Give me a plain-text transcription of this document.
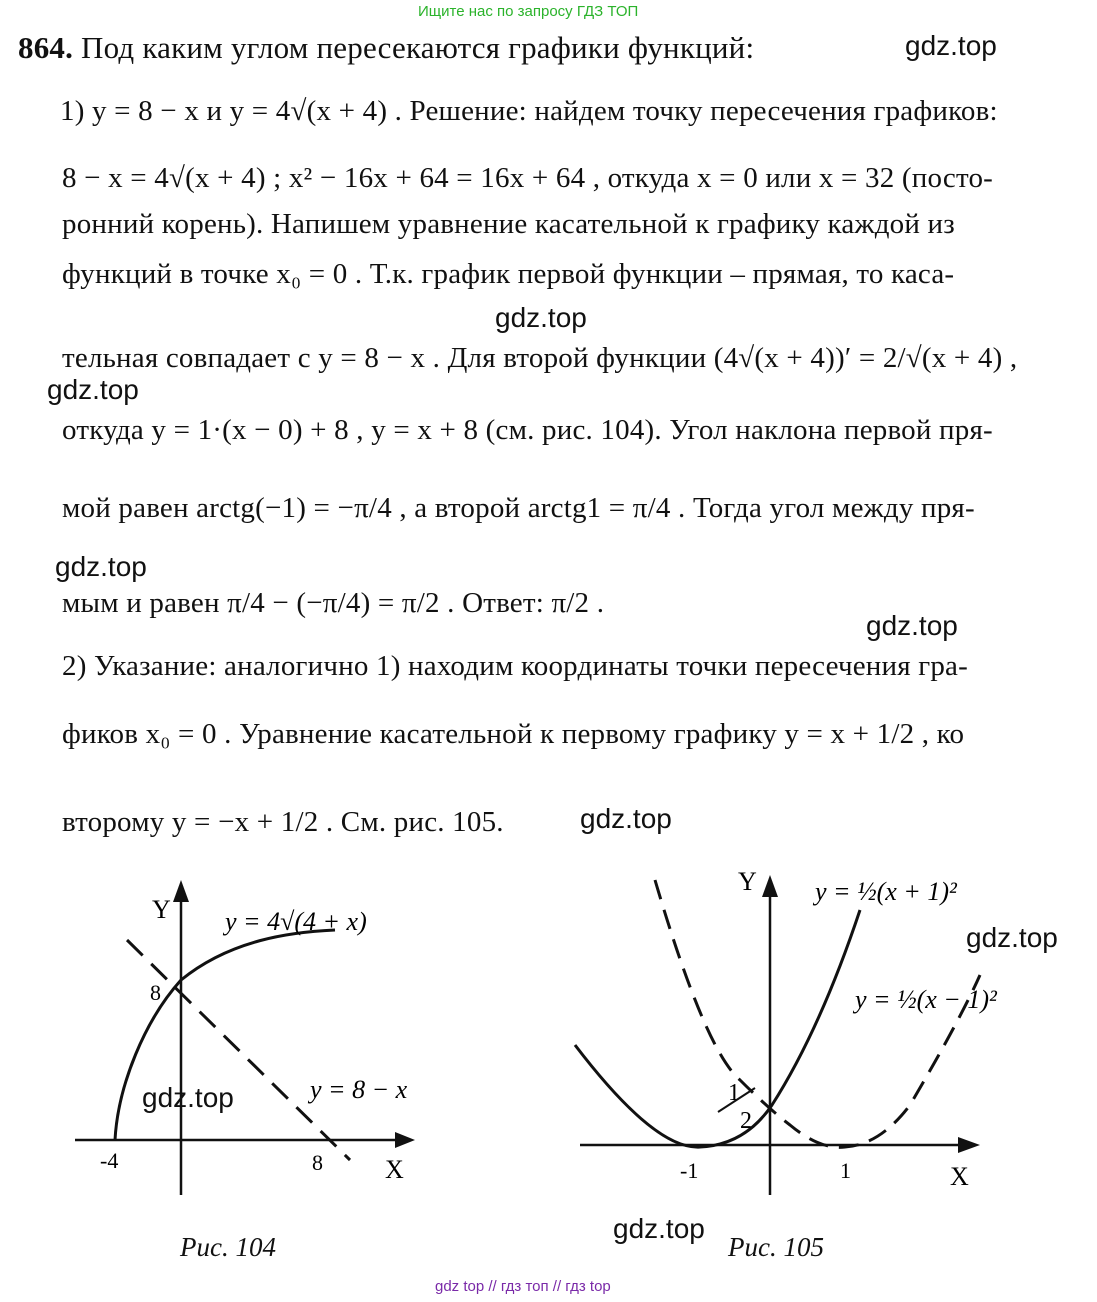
Ищите нас по запросу ГДЗ ТОП
864. Под каким углом пересекаются графики функций:
1) y = 8 − x и y = 4√(x + 4) . Решение: найдем точку пересечения графиков:
8 − x = 4√(x + 4) ; x² − 16x + 64 = 16x + 64 , откуда x = 0 или x = 32 (посто-
ронний корень). Напишем уравнение касательной к графику каждой из
функций в точке x₀ = 0 . Т.к. график первой функции – прямая, то каса-
тельная совпадает с y = 8 − x . Для второй функции (4√(x + 4))′ = 2/√(x + 4) ,
откуда y = 1·(x − 0) + 8 , y = x + 8 (см. рис. 104). Угол наклона первой пря-
мой равен arctg(−1) = −π/4 , а второй arctg1 = π/4 . Тогда угол между пря-
мым и равен π/4 − (−π/4) = π/2 . Ответ: π/2 .
2) Указание: аналогично 1) находим координаты точки пересечения гра-
фиков x₀ = 0 . Уравнение касательной к первому графику y = x + 1/2 , ко
второму y = −x + 1/2 . См. рис. 105.
gdz.top
gdz.top
gdz.top
gdz.top
gdz.top
gdz.top
gdz.top
gdz.top
gdz.top
Y
X
-4	8
8
y = 4√(4 + x)
y = 8 − x
Рис. 104
Y
X
-1	1
1
2
y = ½(x + 1)²
y = ½(x − 1)²
Рис. 105
gdz top // гдз топ // гдз top
